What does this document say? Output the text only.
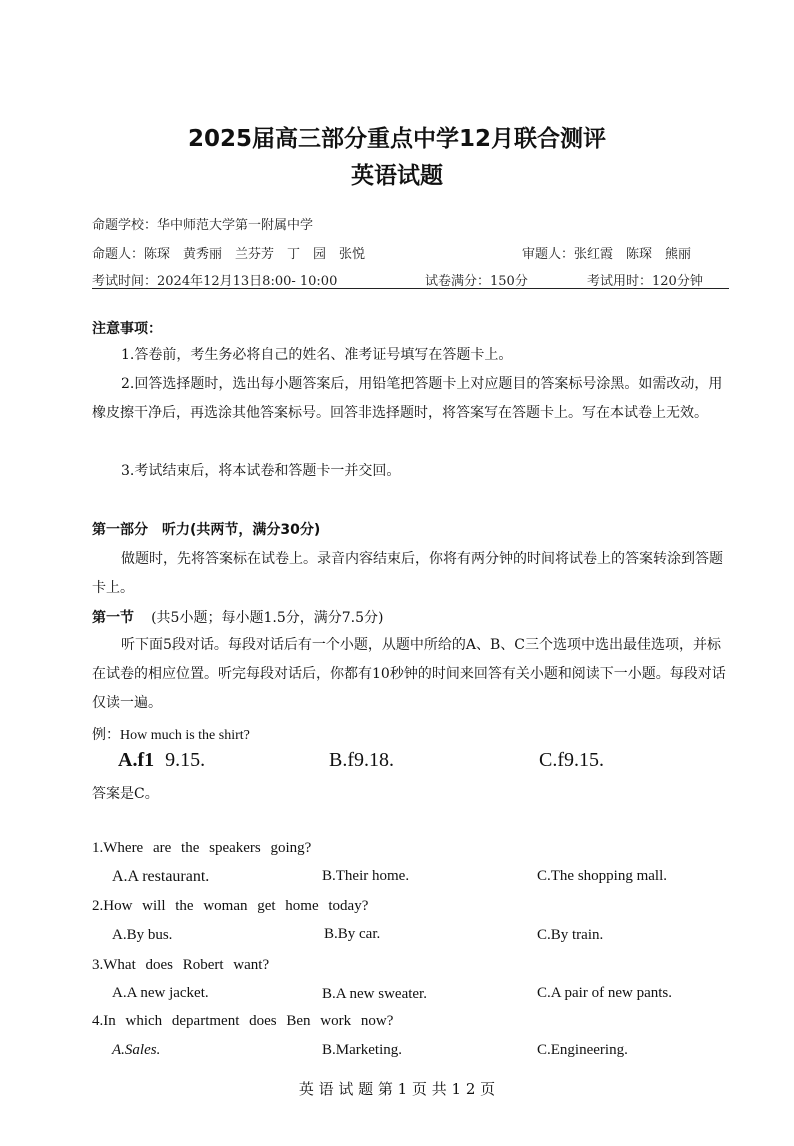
2025届高三部分重点中学12月联合测评
英语试题
命题学校：华中师范大学第一附属中学
命题人：陈琛　黄秀丽　兰芬芳　丁　园　张悦	审题人：张红霞　陈琛　熊丽
考试时间：2024年12月13日8:00- 10:00	试卷满分：150分	考试用时：120分钟
注意事项：
1.答卷前，考生务必将自己的姓名、准考证号填写在答题卡上。
2.回答选择题时，选出每小题答案后，用铅笔把答题卡上对应题目的答案标号涂黑。如需改动，用橡皮擦干净后，再选涂其他答案标号。回答非选择题时，将答案写在答题卡上。写在本试卷上无效。
3.考试结束后，将本试卷和答题卡一并交回。
第一部分　听力(共两节，满分30分)
做题时，先将答案标在试卷上。录音内容结束后，你将有两分钟的时间将试卷上的答案转涂到答题卡上。
第一节 (共5小题；每小题1.5分，满分7.5分)
听下面5段对话。每段对话后有一个小题，从题中所给的A、B、C三个选项中选出最佳选项，并标在试卷的相应位置。听完每段对话后，你都有10秒钟的时间来回答有关小题和阅读下一小题。每段对话仅读一遍。
例：How much is the shirt?
A.f1 9.15.	B.f9.18.	C.f9.15.
答案是C。
1.Where are the speakers going?
A.A restaurant.	B.Their home.	C.The shopping mall.
2.How will the woman get home today?
A.By bus.	B.By car.	C.By train.
3.What does Robert want?
A.A new jacket.	B.A new sweater.	C.A pair of new pants.
4.In which department does Ben work now?
A.Sales.	B.Marketing.	C.Engineering.
英 语 试 题 第 1 页 共 1 2 页
